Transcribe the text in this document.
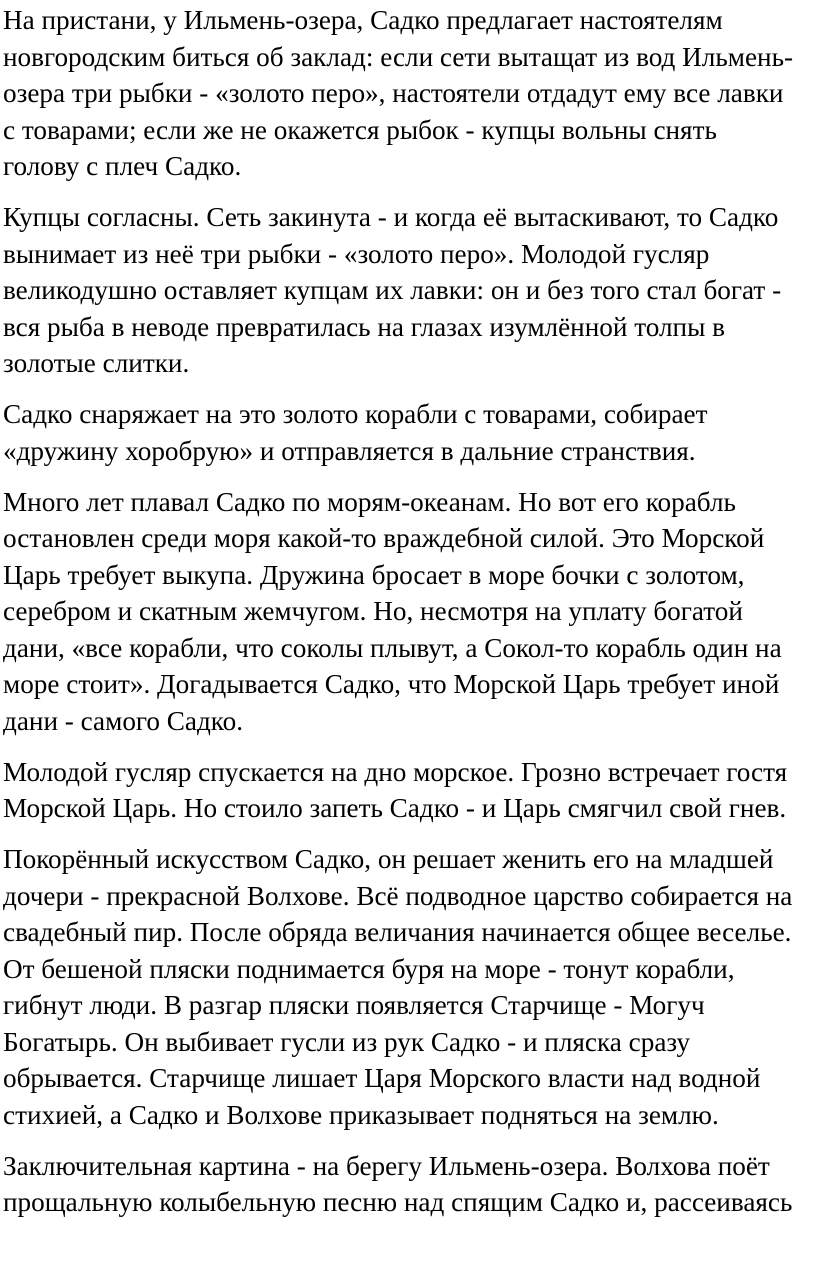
На пристани, у Ильмень-озера, Садко предлагает настоятелям
новгородским биться об заклад: если сети вытащат из вод Ильмень-
озера три рыбки - «золото перо», настоятели отдадут ему все лавки
с товарами; если же не окажется рыбок - купцы вольны снять
голову с плеч Садко.
Купцы согласны. Сеть закинута - и когда её вытаскивают, то Садко
вынимает из неё три рыбки - «золото перо». Молодой гусляр
великодушно оставляет купцам их лавки: он и без того стал богат -
вся рыба в неводе превратилась на глазах изумлённой толпы в
золотые слитки.
Садко снаряжает на это золото корабли с товарами, собирает
«дружину хоробрую» и отправляется в дальние странствия.
Много лет плавал Садко по морям-океанам. Но вот его корабль
остановлен среди моря какой-то враждебной силой. Это Морской
Царь требует выкупа. Дружина бросает в море бочки с золотом,
серебром и скатным жемчугом. Но, несмотря на уплату богатой
дани, «все корабли, что соколы плывут, а Сокол-то корабль один на
море стоит». Догадывается Садко, что Морской Царь требует иной
дани - самого Садко.
Молодой гусляр спускается на дно морское. Грозно встречает гостя
Морской Царь. Но стоило запеть Садко - и Царь смягчил свой гнев.
Покорённый искусством Садко, он решает женить его на младшей
дочери - прекрасной Волхове. Всё подводное царство собирается на
свадебный пир. После обряда величания начинается общее веселье.
От бешеной пляски поднимается буря на море - тонут корабли,
гибнут люди. В разгар пляски появляется Старчище - Могуч
Богатырь. Он выбивает гусли из рук Садко - и пляска сразу
обрывается. Старчище лишает Царя Морского власти над водной
стихией, а Садко и Волхове приказывает подняться на землю.
Заключительная картина - на берегу Ильмень-озера. Волхова поёт
прощальную колыбельную песню над спящим Садко и, рассеиваясь
